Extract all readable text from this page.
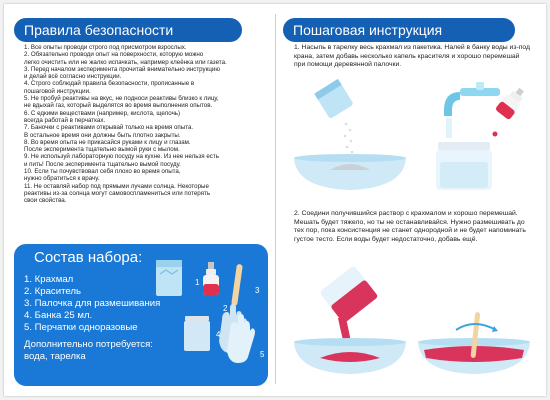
Правила безопасности
1. Все опыты проводи строго под присмотром взрослых.
2. Обязательно проводи опыт на поверхности, которую можно
легко очистить или не жалко испачкать, например клеёнка или газета.
3. Перед началом эксперимента прочитай внимательно инструкцию
и делай всё согласно инструкции.
4. Строго соблюдай правила безопасности, прописанные в
пошаговой инструкции.
5. Не пробуй реактивы на вкус, не подноси реактивы близко к лицу,
не вдыхай газ, который выделятся во время выполнения опытов.
6. С едкими веществами (например, кислота, щелочь)
всегда работай в перчатках.
7. Баночки с реактивами открывай только на время опыта.
В остальное время они должны быть плотно закрыты.
8. Во время опыта не прикасайся руками к лицу и глазам.
После эксперимента тщательно вымой руки с мылом.
9. Не используй лабораторную посуду на кухне. Из нее нельзя есть
и пить! После эксперимента тщательно вымой посуду.
10. Если ты почувствовал себя плохо во время опыта,
нужно обратиться к врачу.
11. Не оставляй набор под прямыми лучами солнца. Некоторые
реактивы из-за солнца могут самовоспламениться или потерять
свои свойства.
Состав набора:
1. Крахмал
2. Краситель
3. Палочка для размешивания
4. Банка 25 мл.
5. Перчатки одноразовые
Дополнительно потребуется: вода, тарелка
1
2
3
4
5
Пошаговая инструкция

1. Насыпь в тарелку весь крахмал из пакетика. Налей в банку воды из-под крана, затем добавь несколько капель красителя и хорошо перемешай при помощи деревянной палочки.

2. Соедини получившийся раствор с крахмалом и хорошо перемешай. Мешать будет тяжело, но ты не останавливайся. Нужно размешивать до тех пор, пока консистенция не станет однородной и не будет напоминать густое тесто. Если воды будет недостаточно, добавь ещё.
